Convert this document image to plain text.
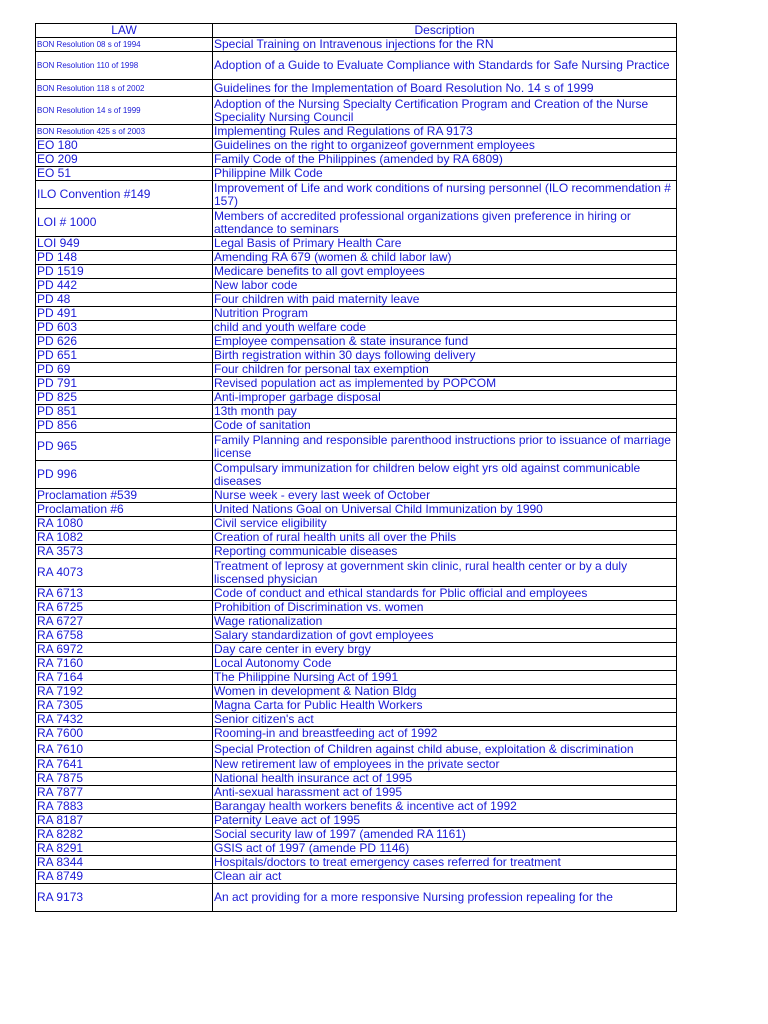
LAW	Description
BON Resolution 08 s of 1994	Special Training on Intravenous injections for the RN
BON Resolution 110 of 1998	Adoption of a Guide to Evaluate Compliance with Standards for Safe Nursing Practice
BON Resolution 118 s of 2002	Guidelines for the Implementation of Board Resolution No. 14 s of 1999
BON Resolution 14 s of 1999	Adoption of the Nursing Specialty Certification Program and Creation of the Nurse Speciality Nursing Council
BON Resolution 425 s of 2003	Implementing Rules and Regulations of RA 9173
EO 180	Guidelines on the right to organizeof government employees
EO 209	Family Code of the Philippines (amended by RA 6809)
EO 51	Philippine Milk Code
ILO Convention #149	Improvement of Life and work conditions of nursing personnel (ILO recommendation # 157)
LOI # 1000	Members of accredited professional organizations given preference in hiring or attendance to seminars
LOI 949	Legal Basis of Primary Health Care
PD 148	Amending RA 679 (women & child labor law)
PD 1519	Medicare benefits to all govt employees
PD 442	New labor code
PD 48	Four children with paid maternity leave
PD 491	Nutrition Program
PD 603	child and youth welfare code
PD 626	Employee compensation & state insurance fund
PD 651	Birth registration within 30 days following delivery
PD 69	Four children for personal tax exemption
PD 791	Revised population act as implemented by POPCOM
PD 825	Anti-improper garbage disposal
PD 851	13th month pay
PD 856	Code of sanitation
PD 965	Family Planning and responsible parenthood instructions prior to issuance of marriage license
PD 996	Compulsary immunization for children below eight yrs old against communicable diseases
Proclamation #539	Nurse week - every last week of October
Proclamation #6	United Nations Goal on Universal Child Immunization by 1990
RA 1080	Civil service eligibility
RA 1082	Creation of rural health units all over the Phils
RA 3573	Reporting communicable diseases
RA 4073	Treatment of leprosy at government skin clinic, rural health center or by a duly liscensed physician
RA 6713	Code of conduct and ethical standards for Pblic official and employees
RA 6725	Prohibition of Discrimination vs. women
RA 6727	Wage rationalization
RA 6758	Salary standardization of govt employees
RA 6972	Day care center in every brgy
RA 7160	Local Autonomy Code
RA 7164	The Philippine Nursing Act of 1991
RA 7192	Women in development & Nation Bldg
RA 7305	Magna Carta for Public Health Workers
RA 7432	Senior citizen's act
RA 7600	Rooming-in and breastfeeding act of 1992
RA 7610	Special Protection of Children against child abuse, exploitation & discrimination
RA 7641	New retirement law of employees in the private sector
RA 7875	National health insurance act of 1995
RA 7877	Anti-sexual harassment act of 1995
RA 7883	Barangay health workers benefits & incentive act of 1992
RA 8187	Paternity Leave act of 1995
RA 8282	Social security law of 1997 (amended RA 1161)
RA 8291	GSIS act of 1997 (amende PD 1146)
RA 8344	Hospitals/doctors to treat emergency cases referred for treatment
RA 8749	Clean air act
RA 9173	An act providing for a more responsive Nursing profession repealing for the
